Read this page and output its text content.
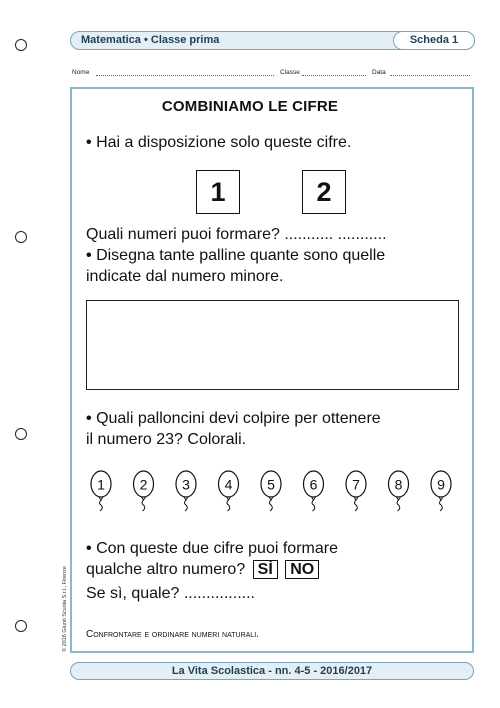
Matematica • Classe prima	Scheda 1
Nome	Classe	Data
COMBINIAMO LE CIFRE
• Hai a disposizione solo queste cifre.
1	2
Quali numeri puoi formare? ........... ...........
• Disegna tante palline quante sono quelle
indicate dal numero minore.
• Quali palloncini devi colpire per ottenere
il numero 23? Colorali.
1 2 3 4 5 6 7 8 9
• Con queste due cifre puoi formare
qualche altro numero? SÌ NO
Se sì, quale? ................
Confrontare e ordinare numeri naturali.
© 2016 Giunti Scuola S.r.l., Firenze
La Vita Scolastica - nn. 4-5 - 2016/2017
